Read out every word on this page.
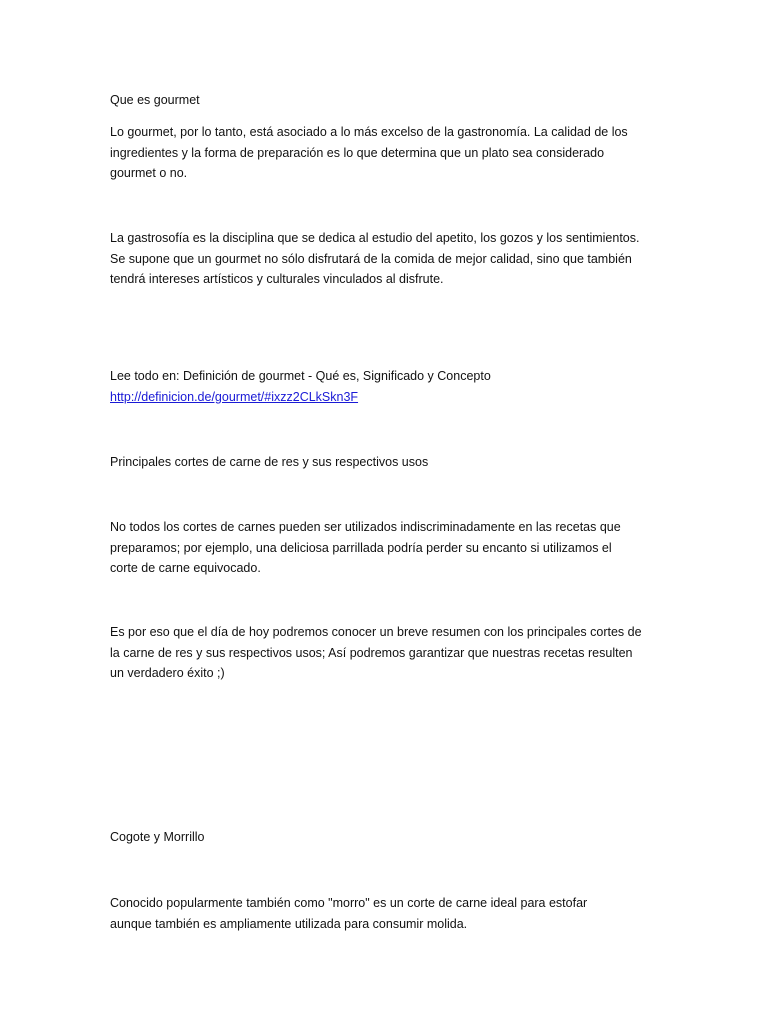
Que es gourmet

Lo gourmet, por lo tanto, está asociado a lo más excelso de la gastronomía. La calidad de los
ingredientes y la forma de preparación es lo que determina que un plato sea considerado
gourmet o no.

La gastrosofía es la disciplina que se dedica al estudio del apetito, los gozos y los sentimientos.
Se supone que un gourmet no sólo disfrutará de la comida de mejor calidad, sino que también
tendrá intereses artísticos y culturales vinculados al disfrute.

Lee todo en: Definición de gourmet - Qué es, Significado y Concepto
http://definicion.de/gourmet/#ixzz2CLkSkn3F

Principales cortes de carne de res y sus respectivos usos

No todos los cortes de carnes pueden ser utilizados indiscriminadamente en las recetas que
preparamos; por ejemplo, una deliciosa parrillada podría perder su encanto si utilizamos el
corte de carne equivocado.

Es por eso que el día de hoy podremos conocer un breve resumen con los principales cortes de
la carne de res y sus respectivos usos; Así podremos garantizar que nuestras recetas resulten
un verdadero éxito ;)

Cogote y Morrillo

Conocido popularmente también como "morro" es un corte de carne ideal para estofar
aunque también es ampliamente utilizada para consumir molida.
